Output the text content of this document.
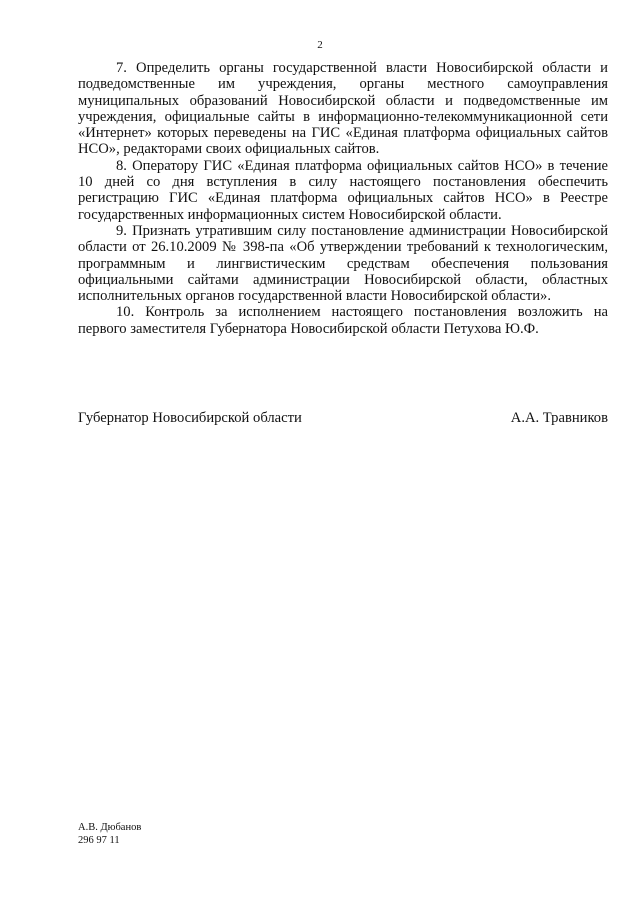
2

7. Определить органы государственной власти Новосибирской области и подведомственные им учреждения, органы местного самоуправления муниципальных образований Новосибирской области и подведомственные им учреждения, официальные сайты в информационно-телекоммуникационной сети «Интернет» которых переведены на ГИС «Единая платформа официальных сайтов НСО», редакторами своих официальных сайтов.

8. Оператору ГИС «Единая платформа официальных сайтов НСО» в течение 10 дней со дня вступления в силу настоящего постановления обеспечить регистрацию ГИС «Единая платформа официальных сайтов НСО» в Реестре государственных информационных систем Новосибирской области.

9. Признать утратившим силу постановление администрации Новосибирской области от 26.10.2009 № 398-па «Об утверждении требований к технологическим, программным и лингвистическим средствам обеспечения пользования официальными сайтами администрации Новосибирской области, областных исполнительных органов государственной власти Новосибирской области».

10. Контроль за исполнением настоящего постановления возложить на первого заместителя Губернатора Новосибирской области Петухова Ю.Ф.

Губернатор Новосибирской области	А.А. Травников
А.В. Дюбанов
296 97 11
